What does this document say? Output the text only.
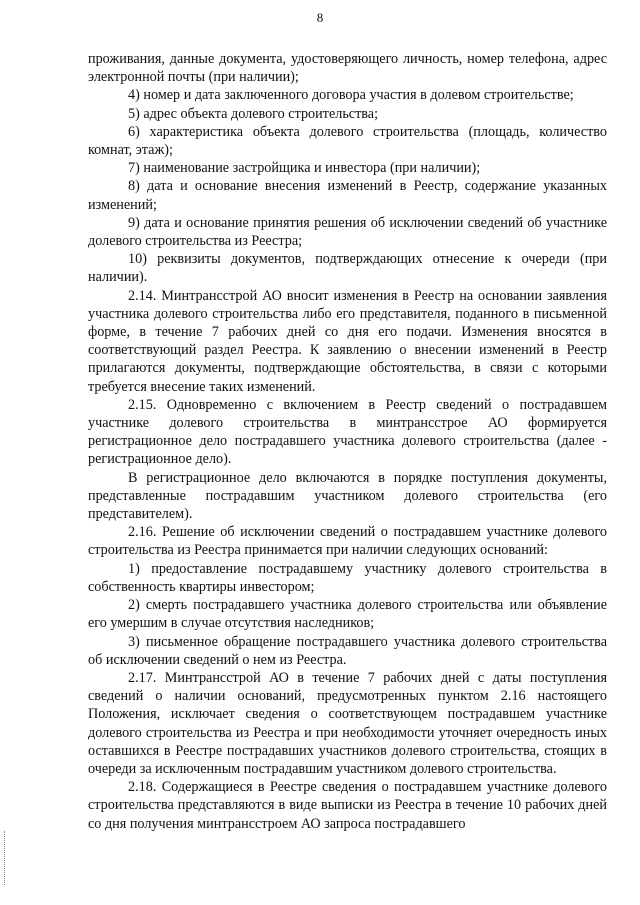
8

проживания, данные документа, удостоверяющего личность, номер телефона, адрес электронной почты (при наличии);

4) номер и дата заключенного договора участия в долевом строительстве;

5) адрес объекта долевого строительства;

6) характеристика объекта долевого строительства (площадь, количество комнат, этаж);

7) наименование застройщика и инвестора (при наличии);

8) дата и основание внесения изменений в Реестр, содержание указанных изменений;

9) дата и основание принятия решения об исключении сведений об участнике долевого строительства из Реестра;

10) реквизиты документов, подтверждающих отнесение к очереди (при наличии).

2.14. Минтрансстрой АО вносит изменения в Реестр на основании заявления участника долевого строительства либо его представителя, поданного в письменной форме, в течение 7 рабочих дней со дня его подачи. Изменения вносятся в соответствующий раздел Реестра. К заявлению о внесении изменений в Реестр прилагаются документы, подтверждающие обстоятельства, в связи с которыми требуется внесение таких изменений.

2.15. Одновременно с включением в Реестр сведений о пострадавшем участнике долевого строительства в минтрансстрое АО формируется регистрационное дело пострадавшего участника долевого строительства (далее - регистрационное дело).

В регистрационное дело включаются в порядке поступления документы, представленные пострадавшим участником долевого строительства (его представителем).

2.16. Решение об исключении сведений о пострадавшем участнике долевого строительства из Реестра принимается при наличии следующих оснований:

1) предоставление пострадавшему участнику долевого строительства в собственность квартиры инвестором;

2) смерть пострадавшего участника долевого строительства или объявление его умершим в случае отсутствия наследников;

3) письменное обращение пострадавшего участника долевого строительства об исключении сведений о нем из Реестра.

2.17. Минтрансстрой АО в течение 7 рабочих дней с даты поступления сведений о наличии оснований, предусмотренных пунктом 2.16 настоящего Положения, исключает сведения о соответствующем пострадавшем участнике долевого строительства из Реестра и при необходимости уточняет очередность иных оставшихся в Реестре пострадавших участников долевого строительства, стоящих в очереди за исключенным пострадавшим участником долевого строительства.

2.18. Содержащиеся в Реестре сведения о пострадавшем участнике долевого строительства представляются в виде выписки из Реестра в течение 10 рабочих дней со дня получения минтрансстроем АО запроса пострадавшего
